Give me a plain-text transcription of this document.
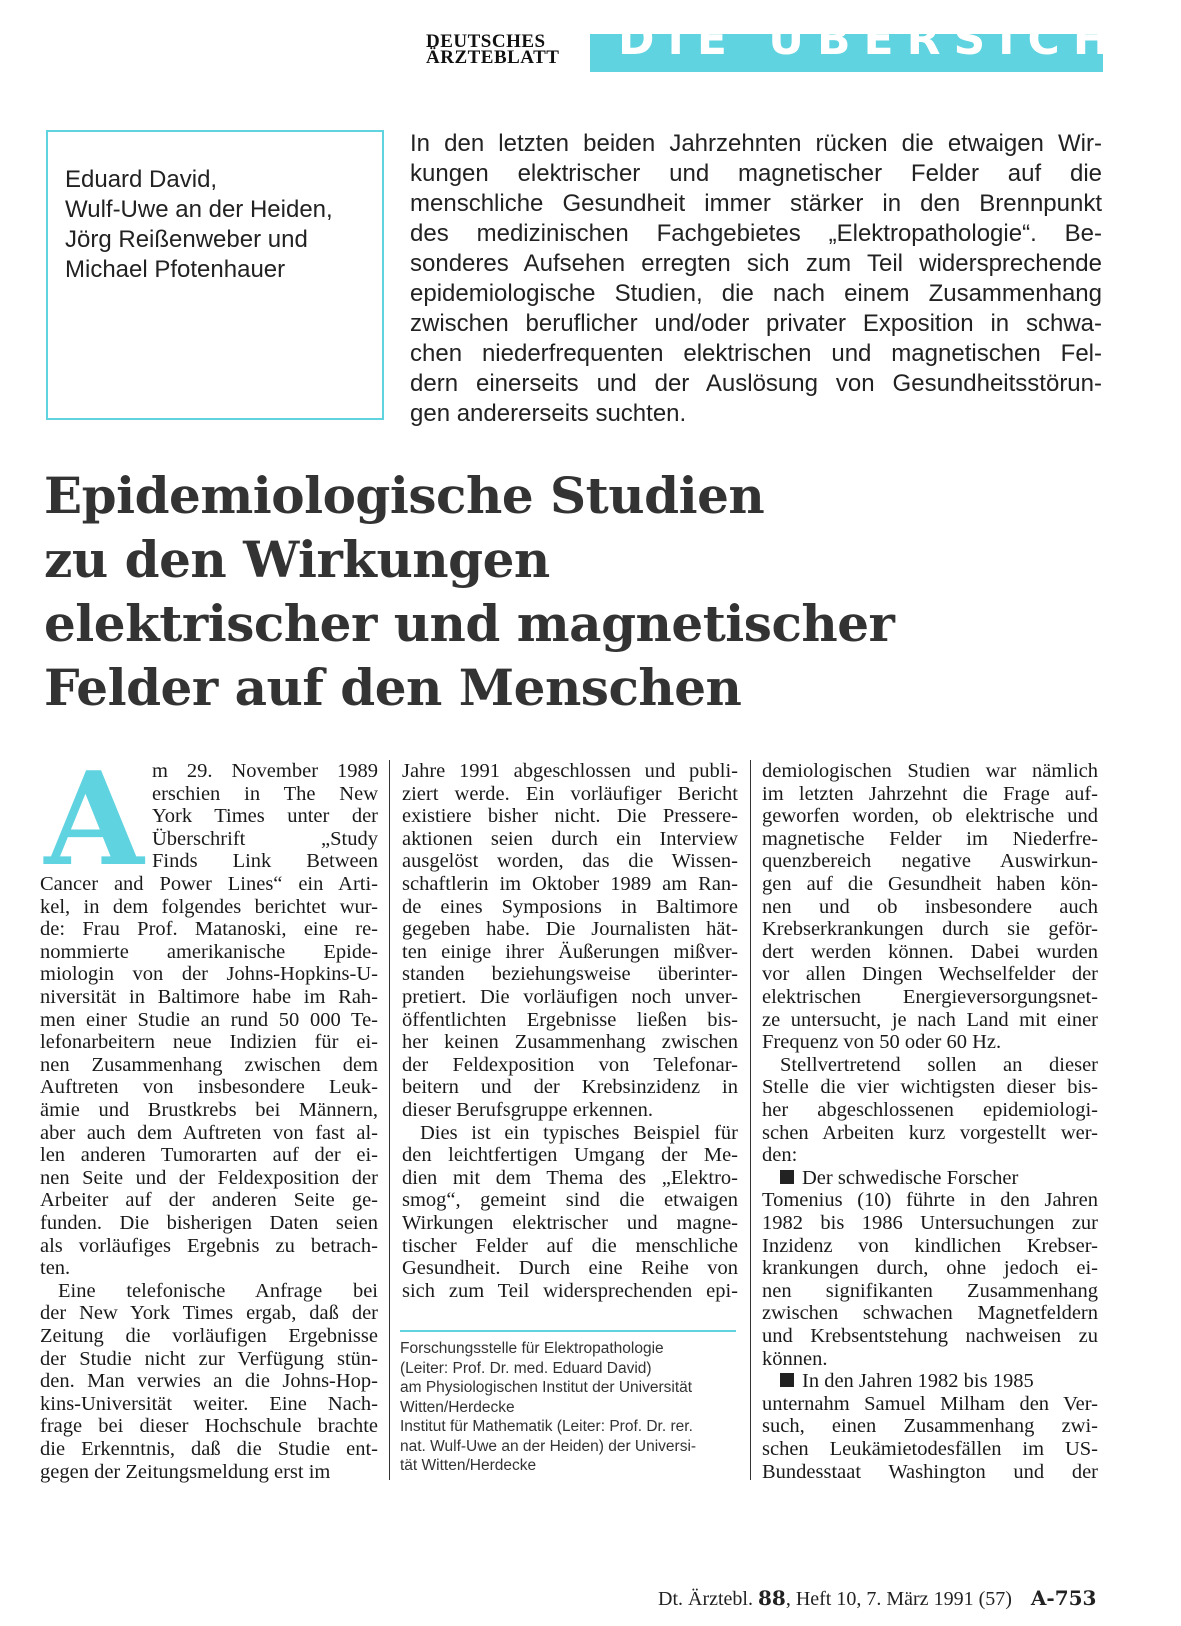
DEUTSCHES
ÄRZTEBLATT	DIE ÜBERSICHT
Eduard David,
Wulf-Uwe an der Heiden,
Jörg Reißenweber und
Michael Pfotenhauer
In den letzten beiden Jahrzehnten rücken die etwaigen Wir-
kungen elektrischer und magnetischer Felder auf die
menschliche Gesundheit immer stärker in den Brennpunkt
des medizinischen Fachgebietes „Elektropathologie“. Be-
sonderes Aufsehen erregten sich zum Teil widersprechende
epidemiologische Studien, die nach einem Zusammenhang
zwischen beruflicher und/oder privater Exposition in schwa-
chen niederfrequenten elektrischen und magnetischen Fel-
dern einerseits und der Auslösung von Gesundheitsstörun-
gen andererseits suchten.
Epidemiologische Studien
zu den Wirkungen
elektrischer und magnetischer
Felder auf den Menschen
A m 29. November 1989
erschien in The New
York Times unter der
Überschrift „Study
Finds Link Between
Cancer and Power Lines“ ein Arti-
kel, in dem folgendes berichtet wur-
de: Frau Prof. Matanoski, eine re-
nommierte amerikanische Epide-
miologin von der Johns-Hopkins-U-
niversität in Baltimore habe im Rah-
men einer Studie an rund 50 000 Te-
lefonarbeitern neue Indizien für ei-
nen Zusammenhang zwischen dem
Auftreten von insbesondere Leuk-
ämie und Brustkrebs bei Männern,
aber auch dem Auftreten von fast al-
len anderen Tumorarten auf der ei-
nen Seite und der Feldexposition der
Arbeiter auf der anderen Seite ge-
funden. Die bisherigen Daten seien
als vorläufiges Ergebnis zu betrach-
ten.
Eine telefonische Anfrage bei
der New York Times ergab, daß der
Zeitung die vorläufigen Ergebnisse
der Studie nicht zur Verfügung stün-
den. Man verwies an die Johns-Hop-
kins-Universität weiter. Eine Nach-
frage bei dieser Hochschule brachte
die Erkenntnis, daß die Studie ent-
gegen der Zeitungsmeldung erst im
Jahre 1991 abgeschlossen und publi-
ziert werde. Ein vorläufiger Bericht
existiere bisher nicht. Die Pressere-
aktionen seien durch ein Interview
ausgelöst worden, das die Wissen-
schaftlerin im Oktober 1989 am Ran-
de eines Symposions in Baltimore
gegeben habe. Die Journalisten hät-
ten einige ihrer Äußerungen mißver-
standen beziehungsweise überinter-
pretiert. Die vorläufigen noch unver-
öffentlichten Ergebnisse ließen bis-
her keinen Zusammenhang zwischen
der Feldexposition von Telefonar-
beitern und der Krebsinzidenz in
dieser Berufsgruppe erkennen.
Dies ist ein typisches Beispiel für
den leichtfertigen Umgang der Me-
dien mit dem Thema des „Elektro-
smog“, gemeint sind die etwaigen
Wirkungen elektrischer und magne-
tischer Felder auf die menschliche
Gesundheit. Durch eine Reihe von
sich zum Teil widersprechenden epi-
demiologischen Studien war nämlich
im letzten Jahrzehnt die Frage auf-
geworfen worden, ob elektrische und
magnetische Felder im Niederfre-
quenzbereich negative Auswirkun-
gen auf die Gesundheit haben kön-
nen und ob insbesondere auch
Krebserkrankungen durch sie geför-
dert werden können. Dabei wurden
vor allen Dingen Wechselfelder der
elektrischen Energieversorgungsnet-
ze untersucht, je nach Land mit einer
Frequenz von 50 oder 60 Hz.
Stellvertretend sollen an dieser
Stelle die vier wichtigsten dieser bis-
her abgeschlossenen epidemiologi-
schen Arbeiten kurz vorgestellt wer-
den:
Der schwedische Forscher
Tomenius (10) führte in den Jahren
1982 bis 1986 Untersuchungen zur
Inzidenz von kindlichen Krebser-
krankungen durch, ohne jedoch ei-
nen signifikanten Zusammenhang
zwischen schwachen Magnetfeldern
und Krebsentstehung nachweisen zu
können.
In den Jahren 1982 bis 1985
unternahm Samuel Milham den Ver-
such, einen Zusammenhang zwi-
schen Leukämietodesfällen im US-
Bundesstaat Washington und der
Forschungsstelle für Elektropathologie
(Leiter: Prof. Dr. med. Eduard David)
am Physiologischen Institut der Universität
Witten/Herdecke
Institut für Mathematik (Leiter: Prof. Dr. rer.
nat. Wulf-Uwe an der Heiden) der Universi-
tät Witten/Herdecke
Dt. Ärztebl. 88, Heft 10, 7. März 1991 (57) A-753
